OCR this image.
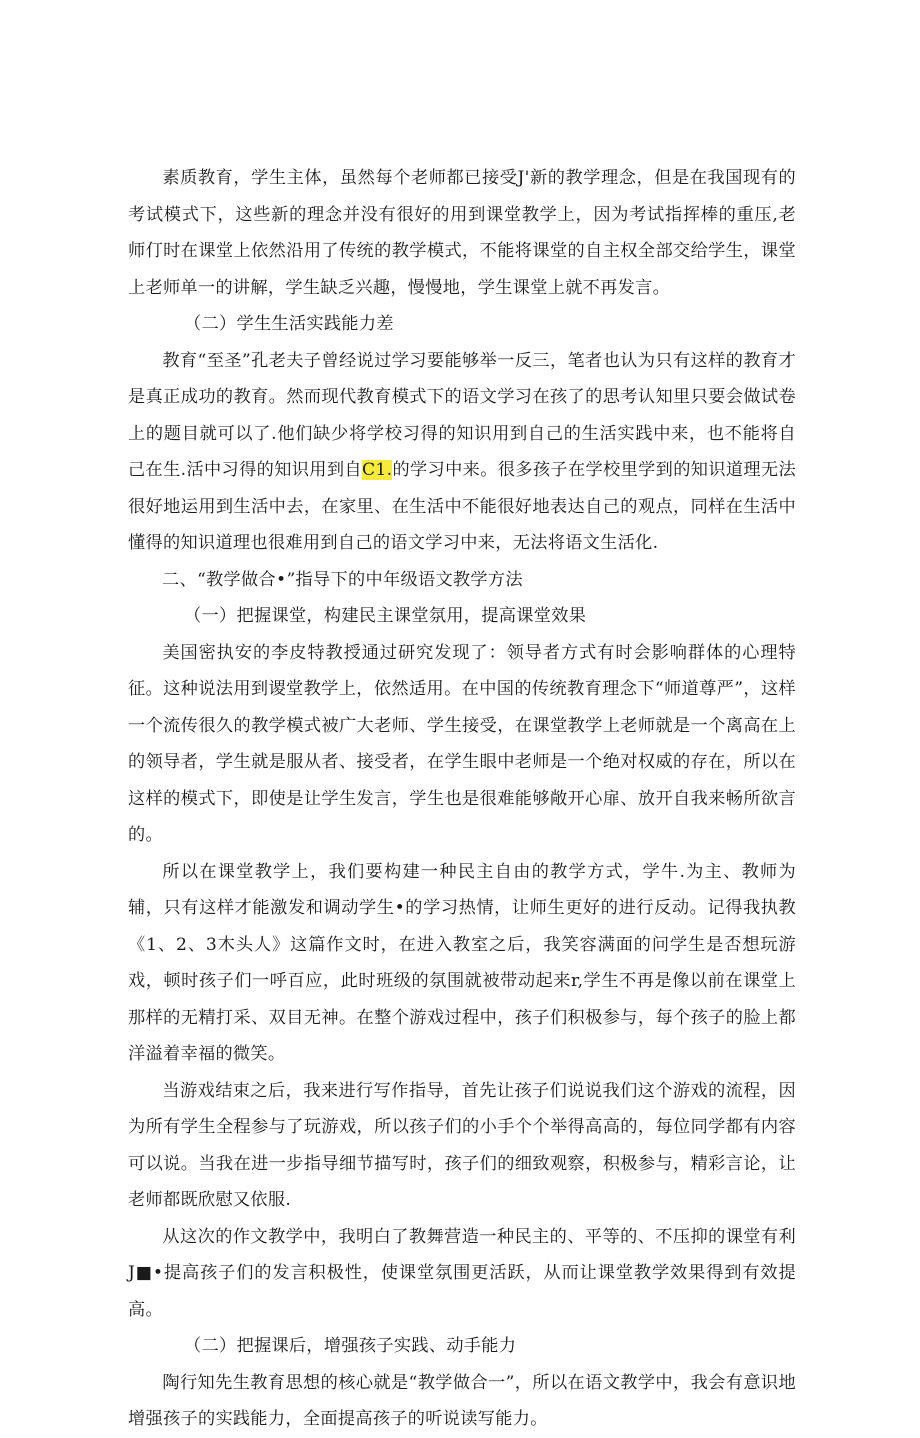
素质教育，学生主体，虽然每个老师都已接受J'新的教学理念，但是在我国现有的考试模式下，这些新的理念并没有很好的用到课堂教学上，因为考试指挥棒的重压,老师仃时在课堂上依然沿用了传统的教学模式，不能将课堂的自主权全部交给学生，课堂上老师单一的讲解，学生缺乏兴趣，慢慢地，学生课堂上就不再发言。

（二）学生生活实践能力差

教育“至圣”孔老夫子曾经说过学习要能够举一反三，笔者也认为只有这样的教育才是真正成功的教育。然而现代教育模式下的语文学习在孩了的思考认知里只要会做试卷上的题目就可以了.他们缺少将学校习得的知识用到自己的生活实践中来，也不能将自己在生.活中习得的知识用到自C1.的学习中来。很多孩子在学校里学到的知识道理无法很好地运用到生活中去，在家里、在生活中不能很好地表达自己的观点，同样在生活中懂得的知识道理也很难用到自己的语文学习中来，无法将语文生活化.

二、“教学做合•”指导下的中年级语文教学方法

（一）把握课堂，构建民主课堂氛用，提高课堂效果

美国密执安的李皮特教授通过研究发现了：领导者方式有时会影响群体的心理特征。这种说法用到谡堂教学上，依然适用。在中国的传统教育理念下“师道尊严”，这样一个流传很久的教学模式被广大老师、学生接受，在课堂教学上老师就是一个离高在上的领导者，学生就是服从者、接受者，在学生眼中老师是一个绝对权威的存在，所以在这样的模式下，即使是让学生发言，学生也是很难能够敞开心扉、放开自我来畅所欲言的。

所以在课堂教学上，我们要构建一种民主自由的教学方式，学牛.为主、教师为辅，只有这样才能激发和调动学生•的学习热情，让师生更好的进行反动。记得我执教《1、2、3木头人》这篇作文时，在进入教室之后，我笑容满面的问学生是否想玩游戏，顿时孩子们一呼百应，此时班级的氛围就被带动起来r,学生不再是像以前在课堂上那样的无精打采、双目无神。在整个游戏过程中，孩子们积极参与，每个孩子的脸上都洋溢着幸福的微笑。

当游戏结束之后，我来进行写作指导，首先让孩子们说说我们这个游戏的流程，因为所有学生全程参与了玩游戏，所以孩子们的小手个个举得高高的，每位同学都有内容可以说。当我在进一步指导细节描写时，孩子们的细致观察，积极参与，精彩言论，让老师都既欣慰又依服.

从这次的作文教学中，我明白了教舞营造一种民主的、平等的、不压抑的课堂有利J■•提高孩子们的发言积极性，使课堂氛围更活跃，从而让课堂教学效果得到有效提高。

（二）把握课后，增强孩子实践、动手能力

陶行知先生教育思想的核心就是“教学做合一”，所以在语文教学中，我会有意识地增强孩子的实践能力，全面提高孩子的听说读写能力。
